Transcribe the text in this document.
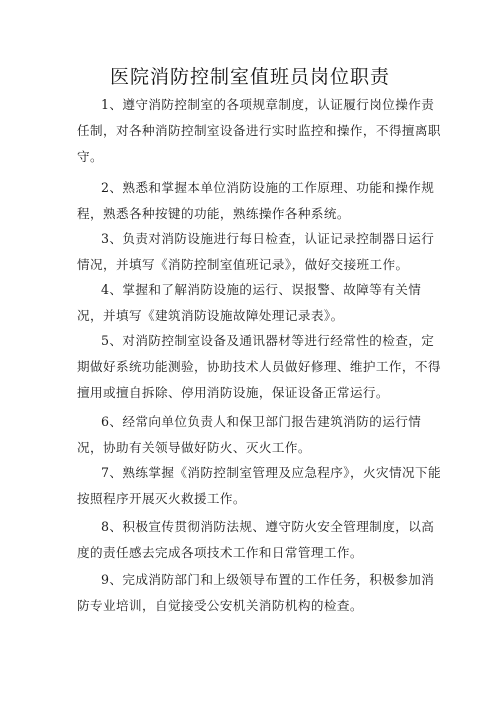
医院消防控制室值班员岗位职责
1、遵守消防控制室的各项规章制度，认证履行岗位操作责任制，对各种消防控制室设备进行实时监控和操作，不得擅离职守。
2、熟悉和掌握本单位消防设施的工作原理、功能和操作规程，熟悉各种按键的功能，熟练操作各种系统。
3、负责对消防设施进行每日检查，认证记录控制器日运行情况，并填写《消防控制室值班记录》，做好交接班工作。
4、掌握和了解消防设施的运行、误报警、故障等有关情况，并填写《建筑消防设施故障处理记录表》。
5、对消防控制室设备及通讯器材等进行经常性的检查，定期做好系统功能测验，协助技术人员做好修理、维护工作，不得擅用或擅自拆除、停用消防设施，保证设备正常运行。
6、经常向单位负责人和保卫部门报告建筑消防的运行情况，协助有关领导做好防火、灭火工作。
7、熟练掌握《消防控制室管理及应急程序》，火灾情况下能按照程序开展灭火救援工作。
8、积极宣传贯彻消防法规、遵守防火安全管理制度，以高度的责任感去完成各项技术工作和日常管理工作。
9、完成消防部门和上级领导布置的工作任务，积极参加消防专业培训，自觉接受公安机关消防机构的检查。
